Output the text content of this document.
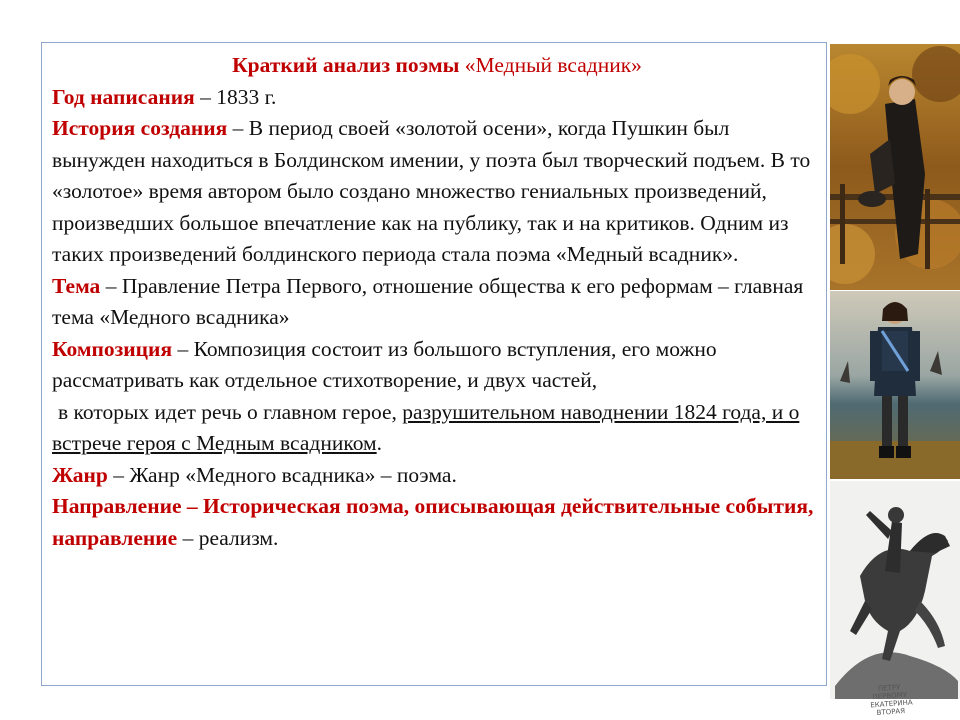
Краткий анализ поэмы «Медный всадник»

Год написания – 1833 г.

История создания – В период своей «золотой осени», когда Пушкин был вынужден находиться в Болдинском имении, у поэта был творческий подъем. В то «золотое» время автором было создано множество гениальных произведений, произведших большое впечатление как на публику, так и на критиков. Одним из таких произведений болдинского периода стала поэма «Медный всадник».

Тема – Правление Петра Первого, отношение общества к его реформам – главная тема «Медного всадника»

Композиция – Композиция состоит из большого вступления, его можно рассматривать как отдельное стихотворение, и двух частей,
в которых идет речь о главном герое, разрушительном наводнении 1824 года, и о встрече героя с Медным всадником.

Жанр – Жанр «Медного всадника» – поэма.

Направление – Историческая поэма, описывающая действительные события, направление – реализм.

ПЕТРУ ПЕРВОМУ ЕКАТЕРИНА ВТОРАЯ
